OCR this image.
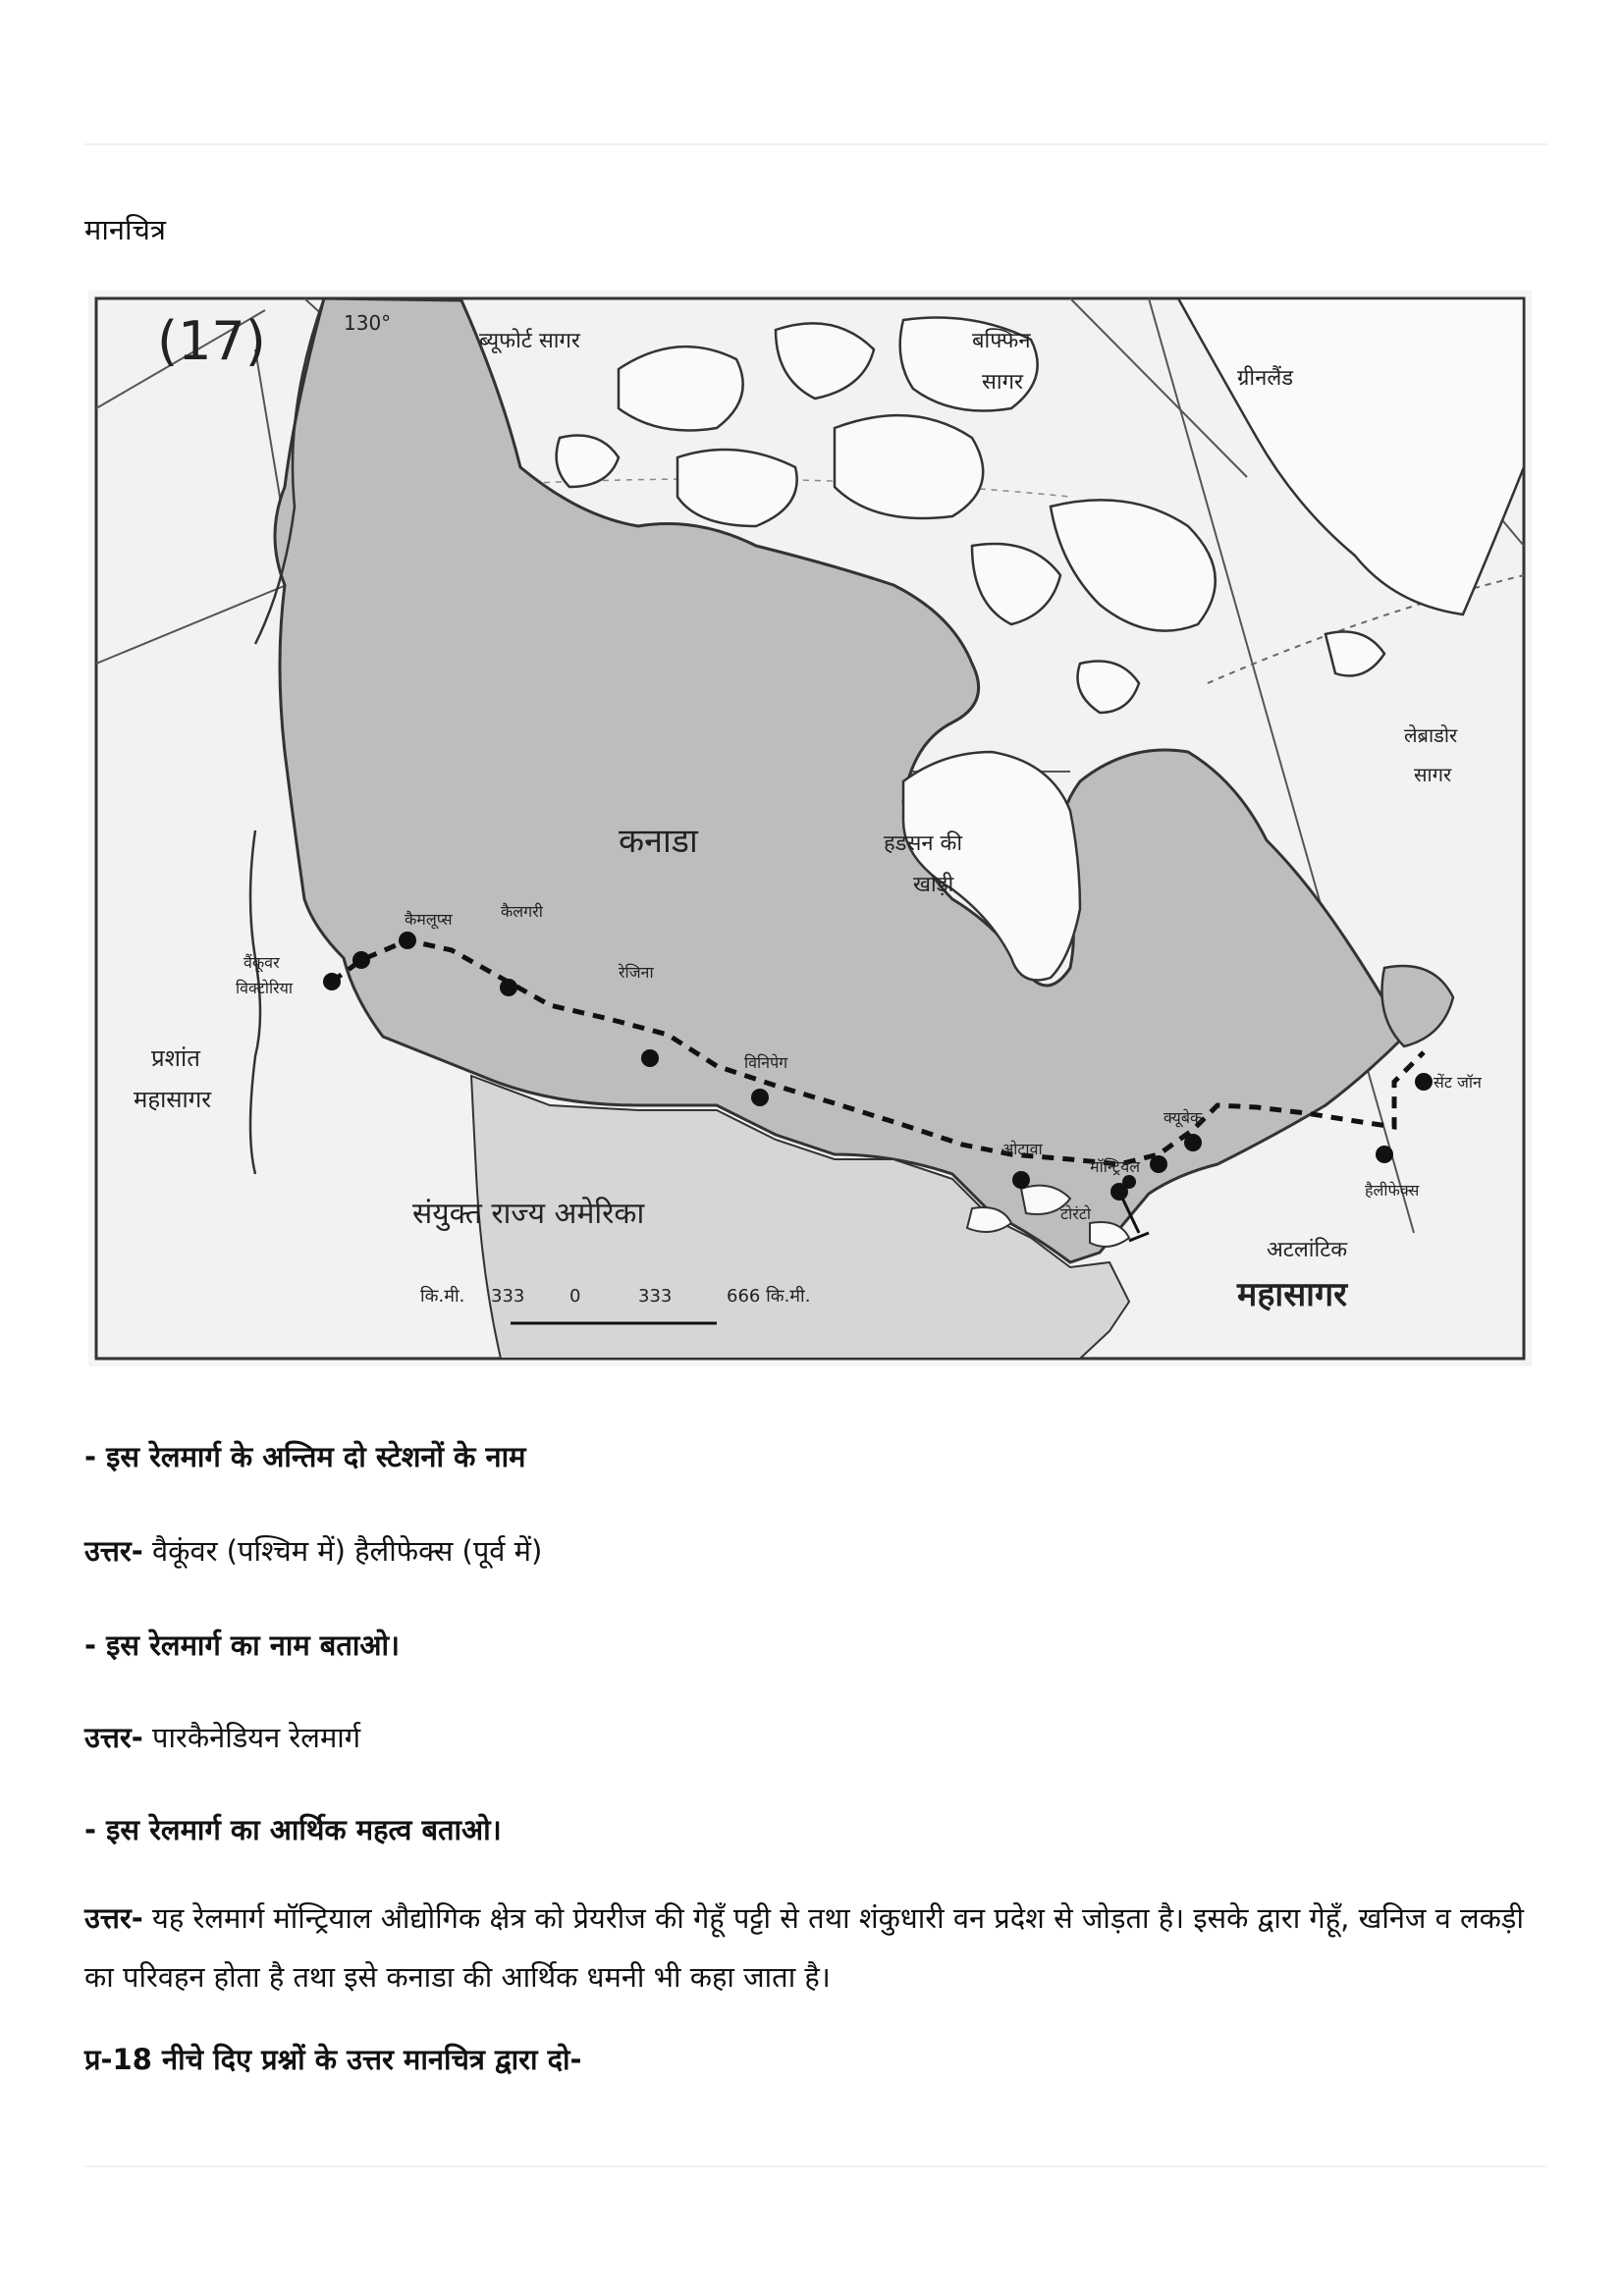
मानचित्र
(17)	130°
ब्यूफोर्ट सागर	बफ्फिन
सागर	ग्रीनलैंड
लेब्राडोर
सागर
हडसन की
खाड़ी
कनाडा
प्रशांत
महासागर
अटलांटिक
महासागर
संयुक्त राज्य अमेरिका
वैंकूवर
विक्टोरिया
कैमलूप्स	कैलगरी
रेजिना
विनिपेग
ओटावा
मॉन्ट्रियल
टोरंटो
क्यूबेक
सेंट जॉन
हैलीफेक्स
कि.मी. 333	0	333	666 कि.मी.
- इस रेलमार्ग के अन्तिम दो स्टेशनों के नाम
उत्तर- वैकूंवर (पश्चिम में) हैलीफेक्स (पूर्व में)
- इस रेलमार्ग का नाम बताओ।
उत्तर- पारकैनेडियन रेलमार्ग
- इस रेलमार्ग का आर्थिक महत्व बताओ।
उत्तर- यह रेलमार्ग मॉन्ट्रियाल औद्योगिक क्षेत्र को प्रेयरीज की गेहूँ पट्टी से तथा शंकुधारी वन प्रदेश से जोड़ता है। इसके द्वारा गेहूँ, खनिज व लकड़ी का परिवहन होता है तथा इसे कनाडा की आर्थिक धमनी भी कहा जाता है।
प्र-18 नीचे दिए प्रश्नों के उत्तर मानचित्र द्वारा दो-
